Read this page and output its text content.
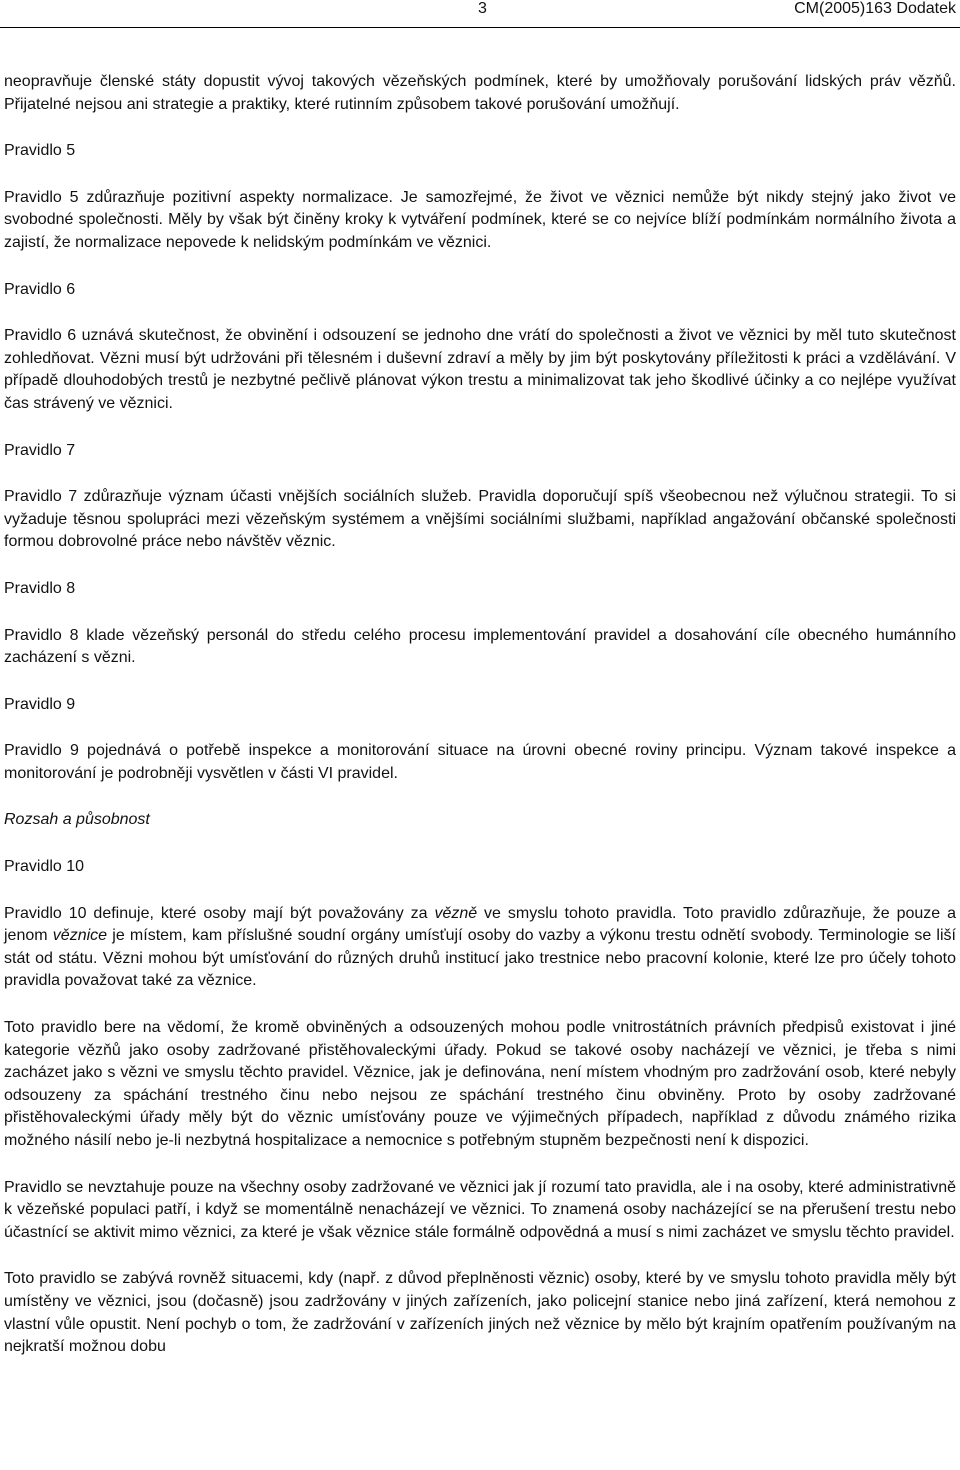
3	CM(2005)163 Dodatek

neopravňuje členské státy dopustit vývoj takových vězeňských podmínek, které by umožňovaly porušování lidských práv vězňů. Přijatelné nejsou ani strategie a praktiky, které rutinním způsobem takové porušování umožňují.

Pravidlo 5

Pravidlo 5 zdůrazňuje pozitivní aspekty normalizace. Je samozřejmé, že život ve věznici nemůže být nikdy stejný jako život ve svobodné společnosti. Měly by však být činěny kroky k vytváření podmínek, které se co nejvíce blíží podmínkám normálního života a zajistí, že normalizace nepovede k nelidským podmínkám ve věznici.

Pravidlo 6

Pravidlo 6 uznává skutečnost, že obvinění i odsouzení se jednoho dne vrátí do společnosti a život ve věznici by měl tuto skutečnost zohledňovat. Vězni musí být udržováni při tělesném i duševní zdraví a měly by jim být poskytovány příležitosti k práci a vzdělávání. V případě dlouhodobých trestů je nezbytné pečlivě plánovat výkon trestu a minimalizovat tak jeho škodlivé účinky a co nejlépe využívat čas strávený ve věznici.

Pravidlo 7

Pravidlo 7 zdůrazňuje význam účasti vnějších sociálních služeb. Pravidla doporučují spíš všeobecnou než výlučnou strategii. To si vyžaduje těsnou spolupráci mezi vězeňským systémem a vnějšími sociálními službami, například angažování občanské společnosti formou dobrovolné práce nebo návštěv věznic.

Pravidlo 8

Pravidlo 8 klade vězeňský personál do středu celého procesu implementování pravidel a dosahování cíle obecného humánního zacházení s vězni.

Pravidlo 9

Pravidlo 9 pojednává o potřebě inspekce a monitorování situace na úrovni obecné roviny principu. Význam takové inspekce a monitorování je podrobněji vysvětlen v části VI pravidel.

Rozsah a působnost

Pravidlo 10

Pravidlo 10 definuje, které osoby mají být považovány za vězně ve smyslu tohoto pravidla. Toto pravidlo zdůrazňuje, že pouze a jenom věznice je místem, kam příslušné soudní orgány umísťují osoby do vazby a výkonu trestu odnětí svobody. Terminologie se liší stát od státu. Vězni mohou být umísťování do různých druhů institucí jako trestnice nebo pracovní kolonie, které lze pro účely tohoto pravidla považovat také za věznice.

Toto pravidlo bere na vědomí, že kromě obviněných a odsouzených mohou podle vnitrostátních právních předpisů existovat i jiné kategorie vězňů jako osoby zadržované přistěhovaleckými úřady. Pokud se takové osoby nacházejí ve věznici, je třeba s nimi zacházet jako s vězni ve smyslu těchto pravidel. Věznice, jak je definována, není místem vhodným pro zadržování osob, které nebyly odsouzeny za spáchání trestného činu nebo nejsou ze spáchání trestného činu obviněny. Proto by osoby zadržované přistěhovaleckými úřady měly být do věznic umísťovány pouze ve výjimečných případech, například z důvodu známého rizika možného násilí nebo je-li nezbytná hospitalizace a nemocnice s potřebným stupněm bezpečnosti není k dispozici.

Pravidlo se nevztahuje pouze na všechny osoby zadržované ve věznici jak jí rozumí tato pravidla, ale i na osoby, které administrativně k vězeňské populaci patří, i když se momentálně nenacházejí ve věznici. To znamená osoby nacházející se na přerušení trestu nebo účastnící se aktivit mimo věznici, za které je však věznice stále formálně odpovědná a musí s nimi zacházet ve smyslu těchto pravidel.

Toto pravidlo se zabývá rovněž situacemi, kdy (např. z důvod přeplněnosti věznic) osoby, které by ve smyslu tohoto pravidla měly být umístěny ve věznici, jsou (dočasně) jsou zadržovány v jiných zařízeních, jako policejní stanice nebo jiná zařízení, která nemohou z vlastní vůle opustit. Není pochyb o tom, že zadržování v zařízeních jiných než věznice by mělo být krajním opatřením používaným na nejkratší možnou dobu
